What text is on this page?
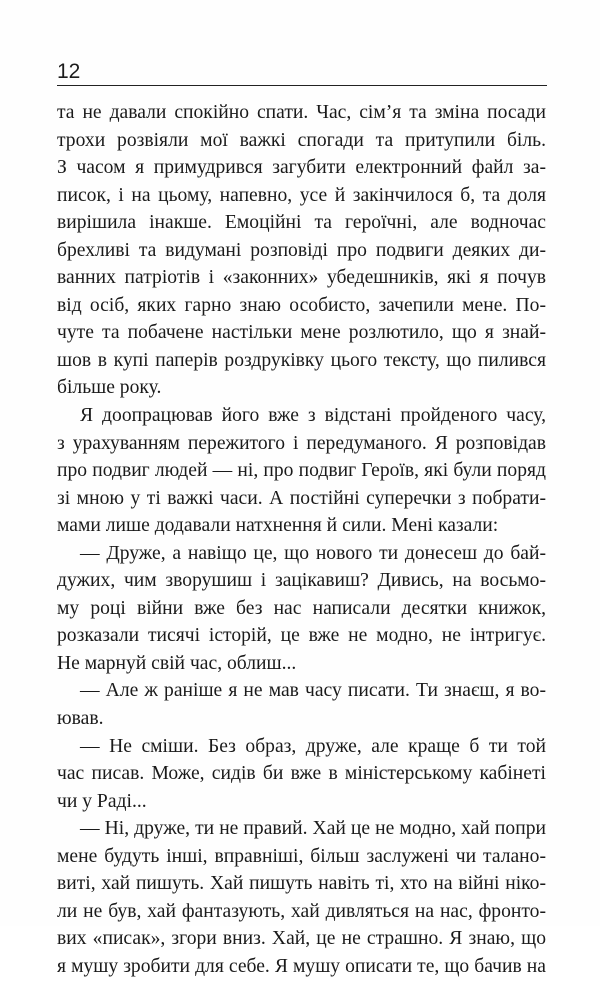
12
та не давали спокійно спати. Час, сім’я та зміна посади
трохи розвіяли мої важкі спогади та притупили біль.
З часом я примудрився загубити електронний файл за-
писок, і на цьому, напевно, усе й закінчилося б, та доля
вирішила інакше. Емоційні та героїчні, але водночас
брехливі та видумані розповіді про подвиги деяких ди-
ванних патріотів і «законних» убедешників, які я почув
від осіб, яких гарно знаю особисто, зачепили мене. По-
чуте та побачене настільки мене розлютило, що я знай-
шов в купі паперів роздруківку цього тексту, що пилився
більше року.
Я доопрацював його вже з відстані пройденого часу,
з урахуванням пережитого і передуманого. Я розповідав
про подвиг людей — ні, про подвиг Героїв, які були поряд
зі мною у ті важкі часи. А постійні суперечки з побрати-
мами лише додавали натхнення й сили. Мені казали:
— Друже, а навіщо це, що нового ти донесеш до бай-
дужих, чим зворушиш і зацікавиш? Дивись, на восьмо-
му році війни вже без нас написали десятки книжок,
розказали тисячі історій, це вже не модно, не інтригує.
Не марнуй свій час, облиш...
— Але ж раніше я не мав часу писати. Ти знаєш, я во-
ював.
— Не сміши. Без образ, друже, але краще б ти той
час писав. Може, сидів би вже в міністерському кабінеті
чи у Раді...
— Ні, друже, ти не правий. Хай це не модно, хай попри
мене будуть інші, вправніші, більш заслужені чи талано-
виті, хай пишуть. Хай пишуть навіть ті, хто на війні ніко-
ли не був, хай фантазують, хай дивляться на нас, фронто-
вих «писак», згори вниз. Хай, це не страшно. Я знаю, що
я мушу зробити для себе. Я мушу описати те, що бачив на
